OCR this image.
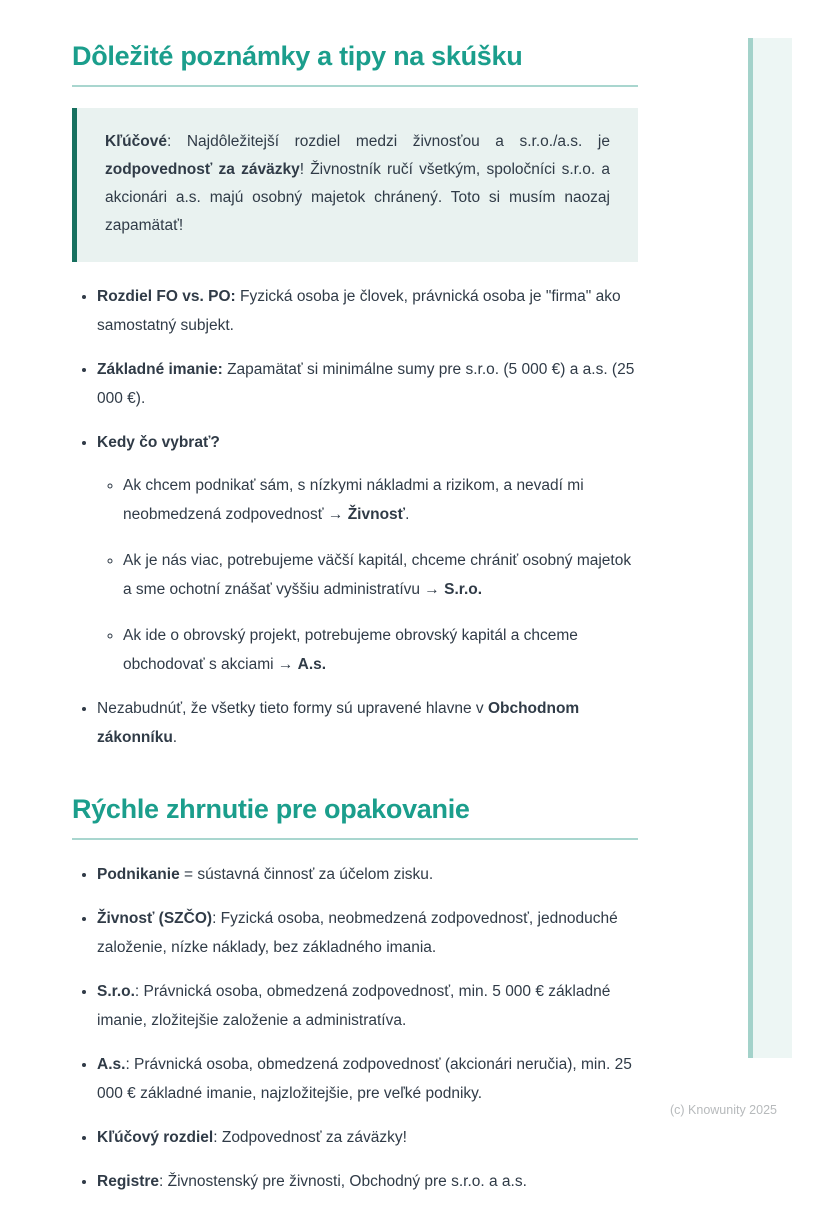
Dôležité poznámky a tipy na skúšku

Kľúčové: Najdôležitejší rozdiel medzi živnosťou a s.r.o./a.s. je zodpovednosť za záväzky! Živnostník ručí všetkým, spoločníci s.r.o. a akcionári a.s. majú osobný majetok chránený. Toto si musím naozaj zapamätať!

• Rozdiel FO vs. PO: Fyzická osoba je človek, právnická osoba je "firma" ako samostatný subjekt.
• Základné imanie: Zapamätať si minimálne sumy pre s.r.o. (5 000 €) a a.s. (25 000 €).
• Kedy čo vybrať?
◦ Ak chcem podnikať sám, s nízkymi nákladmi a rizikom, a nevadí mi neobmedzená zodpovednosť → Živnosť.
◦ Ak je nás viac, potrebujeme väčší kapitál, chceme chrániť osobný majetok a sme ochotní znášať vyššiu administratívu → S.r.o.
◦ Ak ide o obrovský projekt, potrebujeme obrovský kapitál a chceme obchodovať s akciami → A.s.
• Nezabudnúť, že všetky tieto formy sú upravené hlavne v Obchodnom zákonníku.
Rýchle zhrnutie pre opakovanie
• Podnikanie = sústavná činnosť za účelom zisku.
• Živnosť (SZČO): Fyzická osoba, neobmedzená zodpovednosť, jednoduché založenie, nízke náklady, bez základného imania.
• S.r.o.: Právnická osoba, obmedzená zodpovednosť, min. 5 000 € základné imanie, zložitejšie založenie a administratíva.
• A.s.: Právnická osoba, obmedzená zodpovednosť (akcionári neručia), min. 25 000 € základné imanie, najzložitejšie, pre veľké podniky.
• Kľúčový rozdiel: Zodpovednosť za záväzky!
• Registre: Živnostenský pre živnosti, Obchodný pre s.r.o. a a.s.
(c) Knowunity 2025
